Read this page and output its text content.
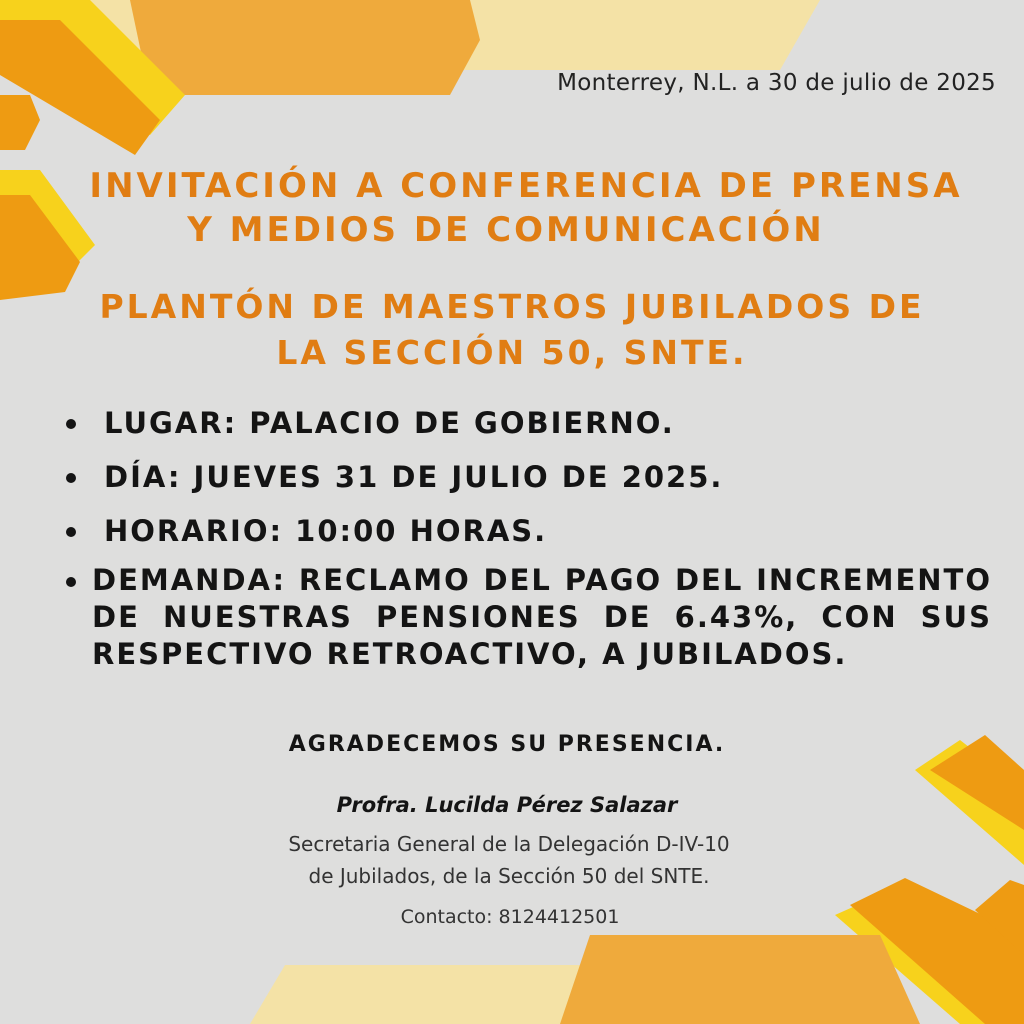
Monterrey, N.L. a 30 de julio de 2025
INVITACIÓN A CONFERENCIA DE PRENSA
Y MEDIOS DE COMUNICACIÓN
PLANTÓN DE MAESTROS JUBILADOS DE
LA SECCIÓN 50, SNTE.
LUGAR: PALACIO DE GOBIERNO.
DÍA: JUEVES 31 DE JULIO DE 2025.
HORARIO: 10:00 HORAS.
DEMANDA: RECLAMO DEL PAGO DEL INCREMENTO DE NUESTRAS PENSIONES DE 6.43%, CON SUS RESPECTIVO RETROACTIVO, A JUBILADOS.
AGRADECEMOS SU PRESENCIA.
Profra. Lucilda Pérez Salazar
Secretaria General de la Delegación D-IV-10
de Jubilados, de la Sección 50 del SNTE.
Contacto: 8124412501
